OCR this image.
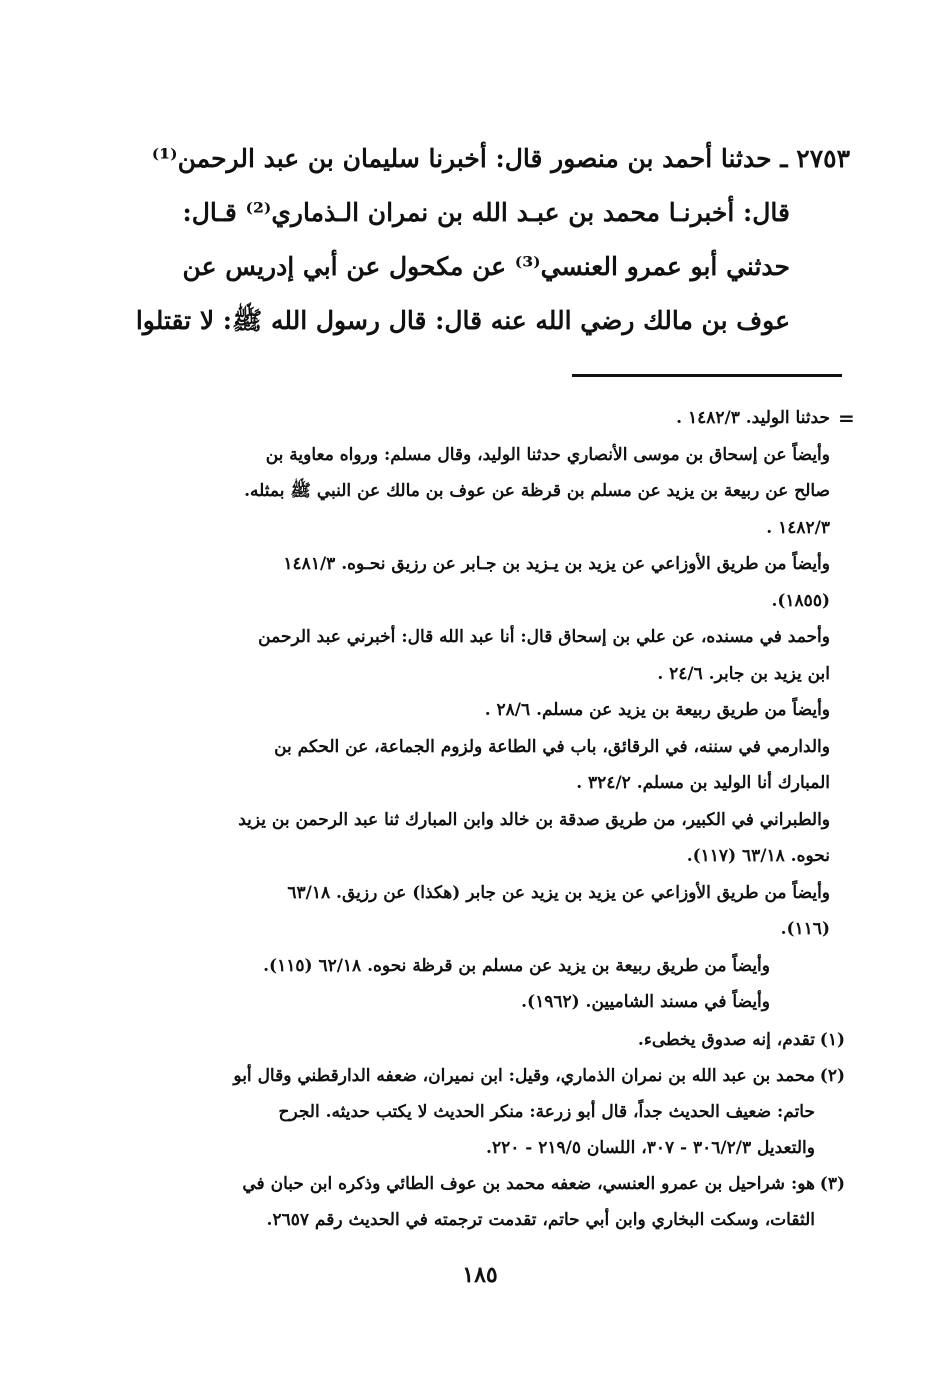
٢٧٥٣ ـ حدثنا أحمد بن منصور قال: أخبرنا سليمان بن عبد الرحمن⁽¹⁾
قال: أخبرنـا محمد بن عبـد الله بن نمران الـذماري⁽²⁾ قـال:
حدثني أبو عمرو العنسي⁽³⁾ عن مكحول عن أبي إدريس عن
عوف بن مالك رضي الله عنه قال: قال رسول الله ﷺ: لا تقتلوا
=
حدثنا الوليد. ١٤٨٢/٣ .
وأيضاً عن إسحاق بن موسى الأنصاري حدثنا الوليد، وقال مسلم: ورواه معاوية بن
صالح عن ربيعة بن يزيد عن مسلم بن قرظة عن عوف بن مالك عن النبي ﷺ بمثله.
١٤٨٢/٣ .
وأيضاً من طريق الأوزاعي عن يزيد بن يـزيد بن جـابر عن رزيق نحـوه. ١٤٨١/٣
(١٨٥٥).
وأحمد في مسنده، عن علي بن إسحاق قال: أنا عبد الله قال: أخبرني عبد الرحمن
ابن يزيد بن جابر. ٢٤/٦ .
وأيضاً من طريق ربيعة بن يزيد عن مسلم. ٢٨/٦ .
والدارمي في سننه، في الرقائق، باب في الطاعة ولزوم الجماعة، عن الحكم بن
المبارك أنا الوليد بن مسلم. ٣٢٤/٢ .
والطبراني في الكبير، من طريق صدقة بن خالد وابن المبارك ثنا عبد الرحمن بن يزيد
نحوه. ٦٣/١٨ (١١٧).
وأيضاً من طريق الأوزاعي عن يزيد بن يزيد عن جابر (هكذا) عن رزيق. ٦٣/١٨
(١١٦).
وأيضاً من طريق ربيعة بن يزيد عن مسلم بن قرظة نحوه. ٦٢/١٨ (١١٥).
وأيضاً في مسند الشاميين. (١٩٦٢).
(١)
تقدم، إنه صدوق يخطىء.
(٢)
محمد بن عبد الله بن نمران الذماري، وقيل: ابن نميران، ضعفه الدارقطني وقال أبو
حاتم: ضعيف الحديث جداً، قال أبو زرعة: منكر الحديث لا يكتب حديثه. الجرح
والتعديل ٣٠٦/٢/٣ - ٣٠٧، اللسان ٢١٩/٥ - ٢٢٠.
(٣)
هو: شراحيل بن عمرو العنسي، ضعفه محمد بن عوف الطائي وذكره ابن حبان في
الثقات، وسكت البخاري وابن أبي حاتم، تقدمت ترجمته في الحديث رقم ٢٦٥٧.
١٨٥
